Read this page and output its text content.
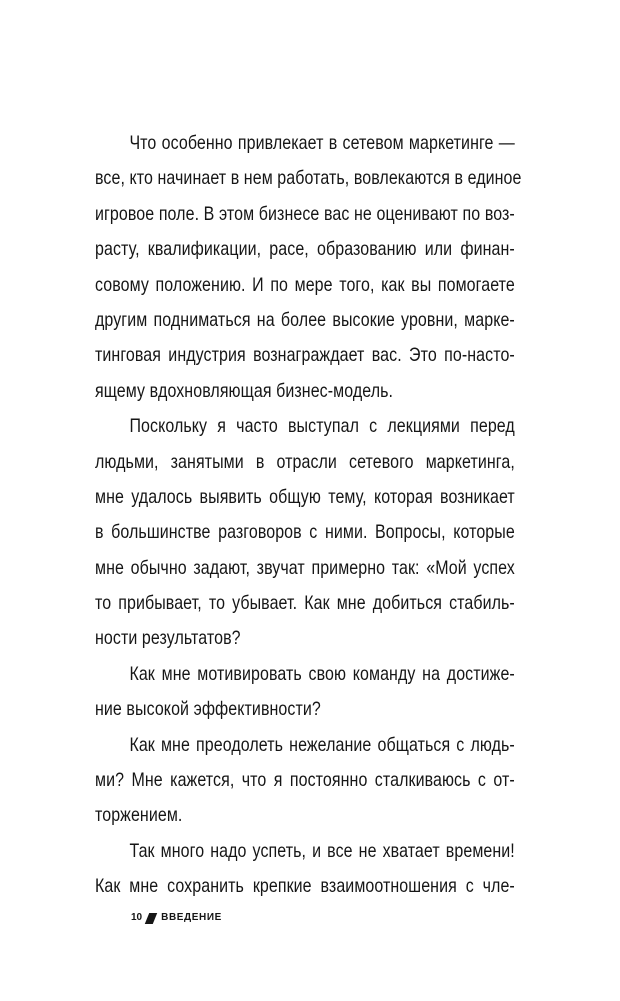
Что особенно привлекает в сетевом маркетинге —
все, кто начинает в нем работать, вовлекаются в единое
игровое поле. В этом бизнесе вас не оценивают по воз-
расту, квалификации, расе, образованию или финан-
совому положению. И по мере того, как вы помогаете
другим подниматься на более высокие уровни, марке-
тинговая индустрия вознаграждает вас. Это по-насто-
ящему вдохновляющая бизнес-модель.
Поскольку я часто выступал с лекциями перед
людьми, занятыми в отрасли сетевого маркетинга,
мне удалось выявить общую тему, которая возникает
в большинстве разговоров с ними. Вопросы, которые
мне обычно задают, звучат примерно так: «Мой успех
то прибывает, то убывает. Как мне добиться стабиль-
ности результатов?
Как мне мотивировать свою команду на достиже-
ние высокой эффективности?
Как мне преодолеть нежелание общаться с людь-
ми? Мне кажется, что я постоянно сталкиваюсь с от-
торжением.
Так много надо успеть, и все не хватает времени!
Как мне сохранить крепкие взаимоотношения с чле-
10 ВВЕДЕНИЕ
